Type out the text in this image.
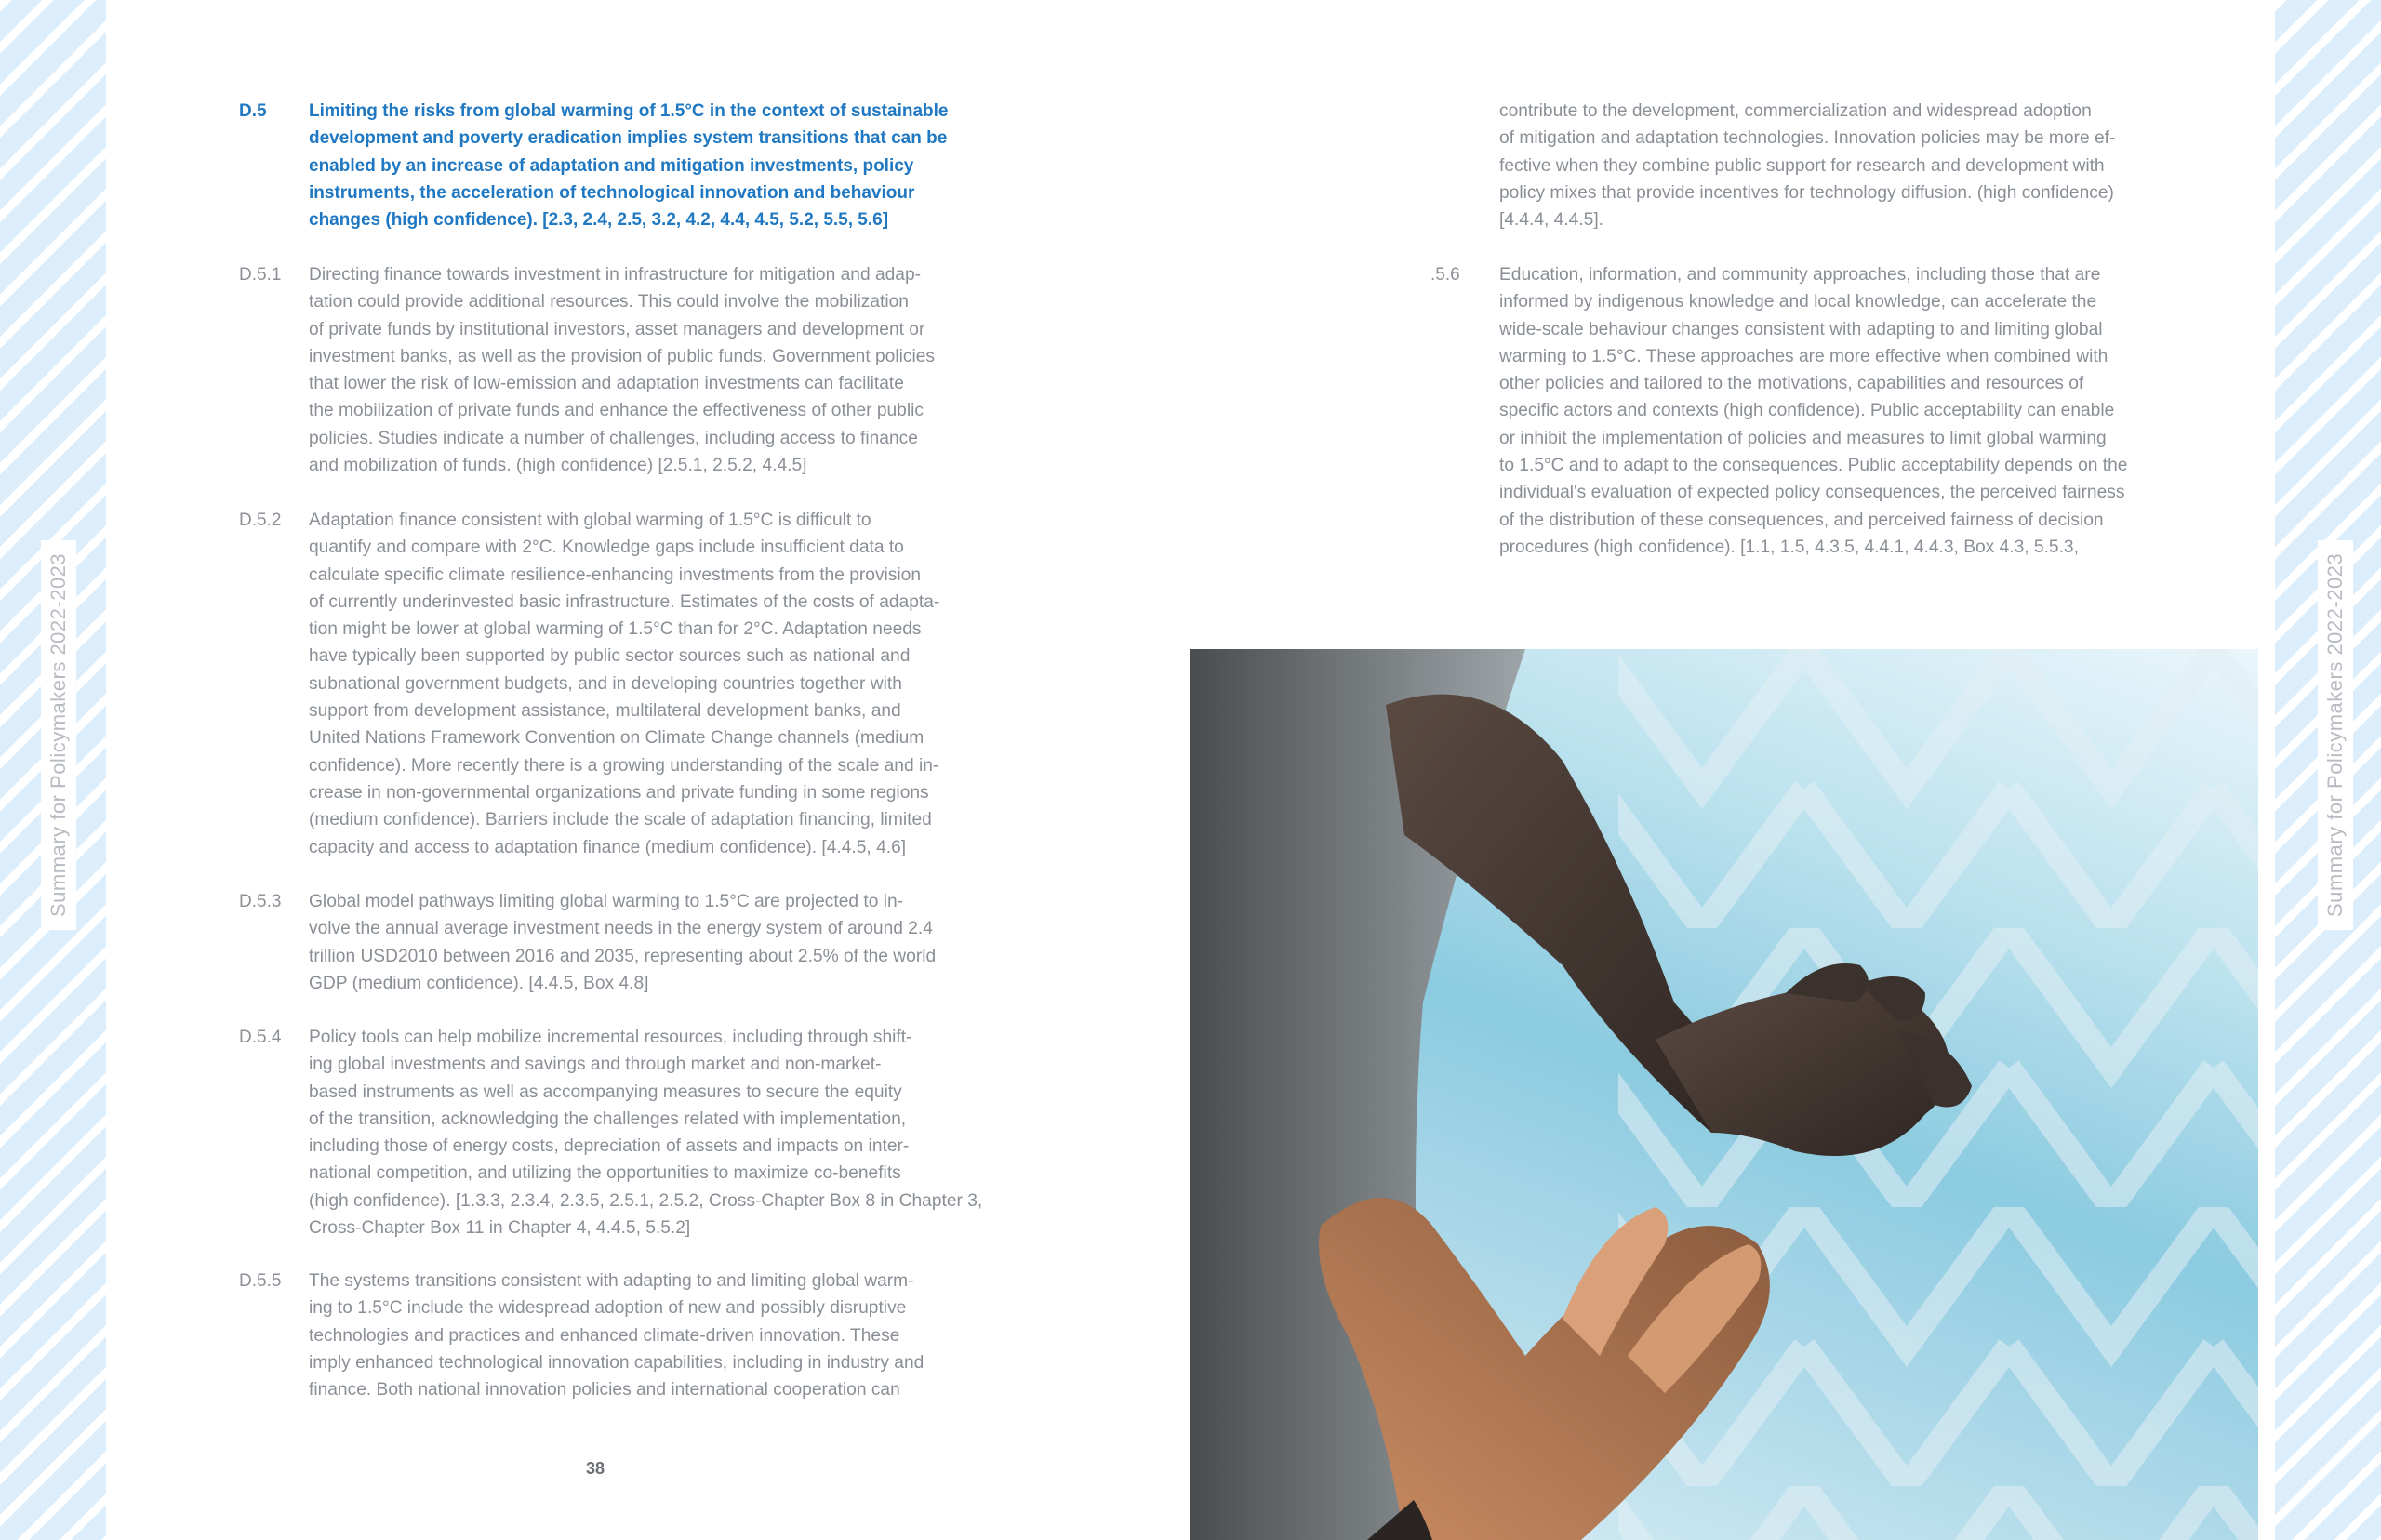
Summary for Policymakers 2022-2023	Summary for Policymakers 2022-2023
D.5	Limiting the risks from global warming of 1.5°C in the context of sustainable
development and poverty eradication implies system transitions that can be
enabled by an increase of adaptation and mitigation investments, policy
instruments, the acceleration of technological innovation and behaviour
changes (high confidence). [2.3, 2.4, 2.5, 3.2, 4.2, 4.4, 4.5, 5.2, 5.5, 5.6]
D.5.1	Directing finance towards investment in infrastructure for mitigation and adap-
tation could provide additional resources. This could involve the mobilization
of private funds by institutional investors, asset managers and development or
investment banks, as well as the provision of public funds. Government policies
that lower the risk of low-emission and adaptation investments can facilitate
the mobilization of private funds and enhance the effectiveness of other public
policies. Studies indicate a number of challenges, including access to finance
and mobilization of funds. (high confidence) [2.5.1, 2.5.2, 4.4.5]
D.5.2	Adaptation finance consistent with global warming of 1.5°C is difficult to
quantify and compare with 2°C. Knowledge gaps include insufficient data to
calculate specific climate resilience-enhancing investments from the provision
of currently underinvested basic infrastructure. Estimates of the costs of adapta-
tion might be lower at global warming of 1.5°C than for 2°C. Adaptation needs
have typically been supported by public sector sources such as national and
subnational government budgets, and in developing countries together with
support from development assistance, multilateral development banks, and
United Nations Framework Convention on Climate Change channels (medium
confidence). More recently there is a growing understanding of the scale and in-
crease in non-governmental organizations and private funding in some regions
(medium confidence). Barriers include the scale of adaptation financing, limited
capacity and access to adaptation finance (medium confidence). [4.4.5, 4.6]
D.5.3	Global model pathways limiting global warming to 1.5°C are projected to in-
volve the annual average investment needs in the energy system of around 2.4
trillion USD2010 between 2016 and 2035, representing about 2.5% of the world
GDP (medium confidence). [4.4.5, Box 4.8]
D.5.4	Policy tools can help mobilize incremental resources, including through shift-
ing global investments and savings and through market and non-market-
based instruments as well as accompanying measures to secure the equity
of the transition, acknowledging the challenges related with implementation,
including those of energy costs, depreciation of assets and impacts on inter-
national competition, and utilizing the opportunities to maximize co-benefits
(high confidence). [1.3.3, 2.3.4, 2.3.5, 2.5.1, 2.5.2, Cross-Chapter Box 8 in Chapter 3,
Cross-Chapter Box 11 in Chapter 4, 4.4.5, 5.5.2]
D.5.5	The systems transitions consistent with adapting to and limiting global warm-
ing to 1.5°C include the widespread adoption of new and possibly disruptive
technologies and practices and enhanced climate-driven innovation. These
imply enhanced technological innovation capabilities, including in industry and
finance. Both national innovation policies and international cooperation can
38
contribute to the development, commercialization and widespread adoption
of mitigation and adaptation technologies. Innovation policies may be more ef-
fective when they combine public support for research and development with
policy mixes that provide incentives for technology diffusion. (high confidence)
[4.4.4, 4.4.5].
.5.6	Education, information, and community approaches, including those that are
informed by indigenous knowledge and local knowledge, can accelerate the
wide-scale behaviour changes consistent with adapting to and limiting global
warming to 1.5°C. These approaches are more effective when combined with
other policies and tailored to the motivations, capabilities and resources of
specific actors and contexts (high confidence). Public acceptability can enable
or inhibit the implementation of policies and measures to limit global warming
to 1.5°C and to adapt to the consequences. Public acceptability depends on the
individual's evaluation of expected policy consequences, the perceived fairness
of the distribution of these consequences, and perceived fairness of decision
procedures (high confidence). [1.1, 1.5, 4.3.5, 4.4.1, 4.4.3, Box 4.3, 5.5.3,
